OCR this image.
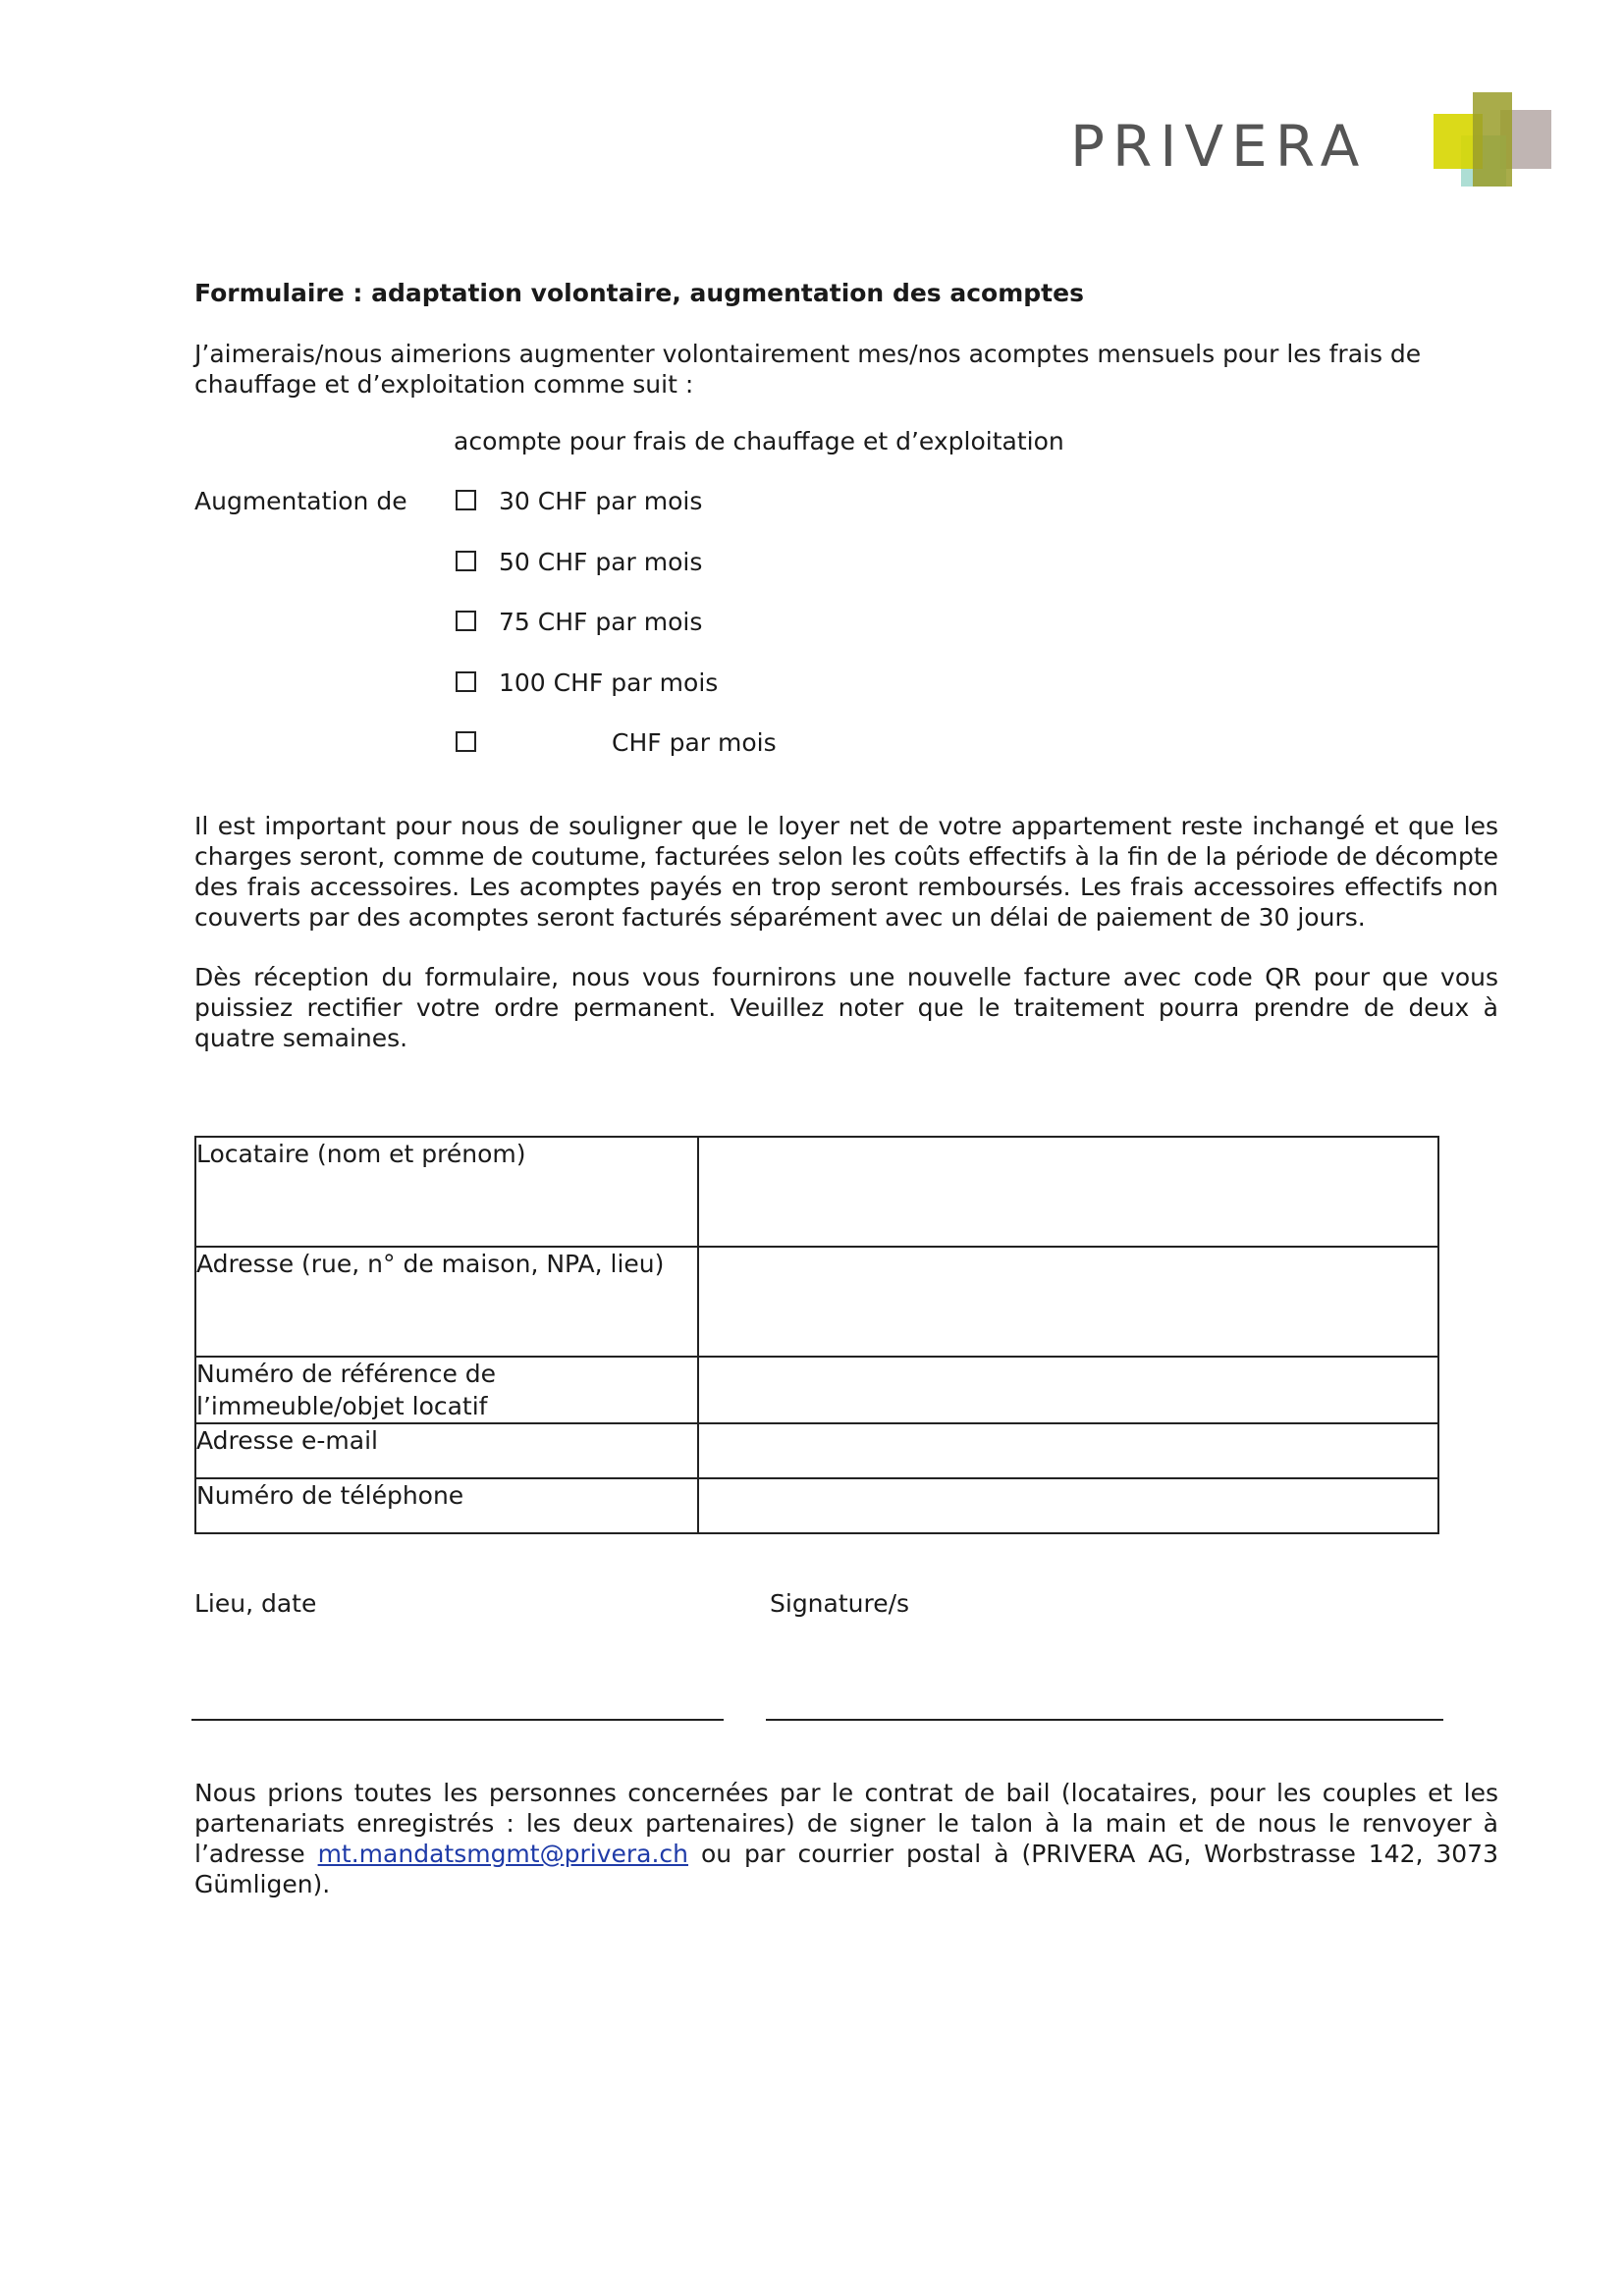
PRIVERA
Formulaire : adaptation volontaire, augmentation des acomptes

J’aimerais/nous aimerions augmenter volontairement mes/nos acomptes mensuels pour les frais de chauffage et d’exploitation comme suit :

acompte pour frais de chauffage et d’exploitation
Augmentation de	30 CHF par mois
50 CHF par mois
75 CHF par mois
100 CHF par mois
CHF par mois

Il est important pour nous de souligner que le loyer net de votre appartement reste inchangé et que les charges seront, comme de coutume, facturées selon les coûts effectifs à la fin de la période de décompte des frais accessoires. Les acomptes payés en trop seront remboursés. Les frais accessoires effectifs non couverts par des acomptes seront facturés séparément avec un délai de paiement de 30 jours.

Dès réception du formulaire, nous vous fournirons une nouvelle facture avec code QR pour que vous puissiez rectifier votre ordre permanent. Veuillez noter que le traitement pourra prendre de deux à quatre semaines.

Locataire (nom et prénom)	
Adresse (rue, n° de maison, NPA, lieu)	
Numéro de référence de l’immeuble/objet locatif	
Adresse e-mail	
Numéro de téléphone	
Lieu, date	Signature/s

Nous prions toutes les personnes concernées par le contrat de bail (locataires, pour les couples et les partenariats enregistrés : les deux partenaires) de signer le talon à la main et de nous le renvoyer à l’adresse mt.mandatsmgmt@privera.ch ou par courrier postal à (PRIVERA AG, Worbstrasse 142, 3073 Gümligen).
